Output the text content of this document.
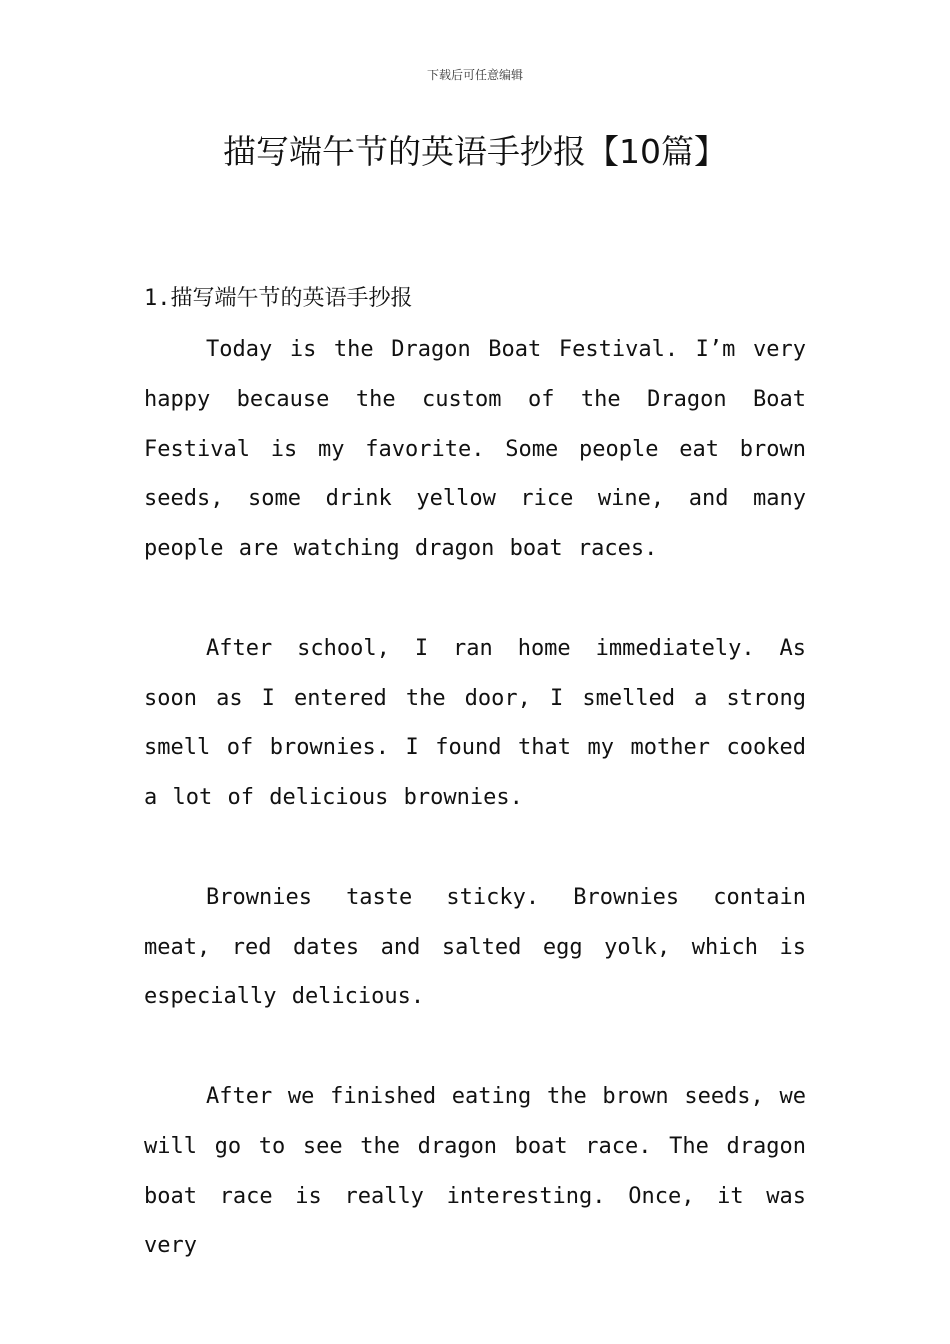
下载后可任意编辑
描写端午节的英语手抄报【10篇】
1.描写端午节的英语手抄报

Today is the Dragon Boat Festival. I’m very happy because the custom of the Dragon Boat Festival is my favorite. Some people eat brown seeds, some drink yellow rice wine, and many people are watching dragon boat races.

After school, I ran home immediately. As soon as I entered the door, I smelled a strong smell of brownies. I found that my mother cooked a lot of delicious brownies.

Brownies taste sticky. Brownies contain meat, red dates and salted egg yolk, which is especially delicious.

After we finished eating the brown seeds, we will go to see the dragon boat race. The dragon boat race is really interesting. Once, it was very
